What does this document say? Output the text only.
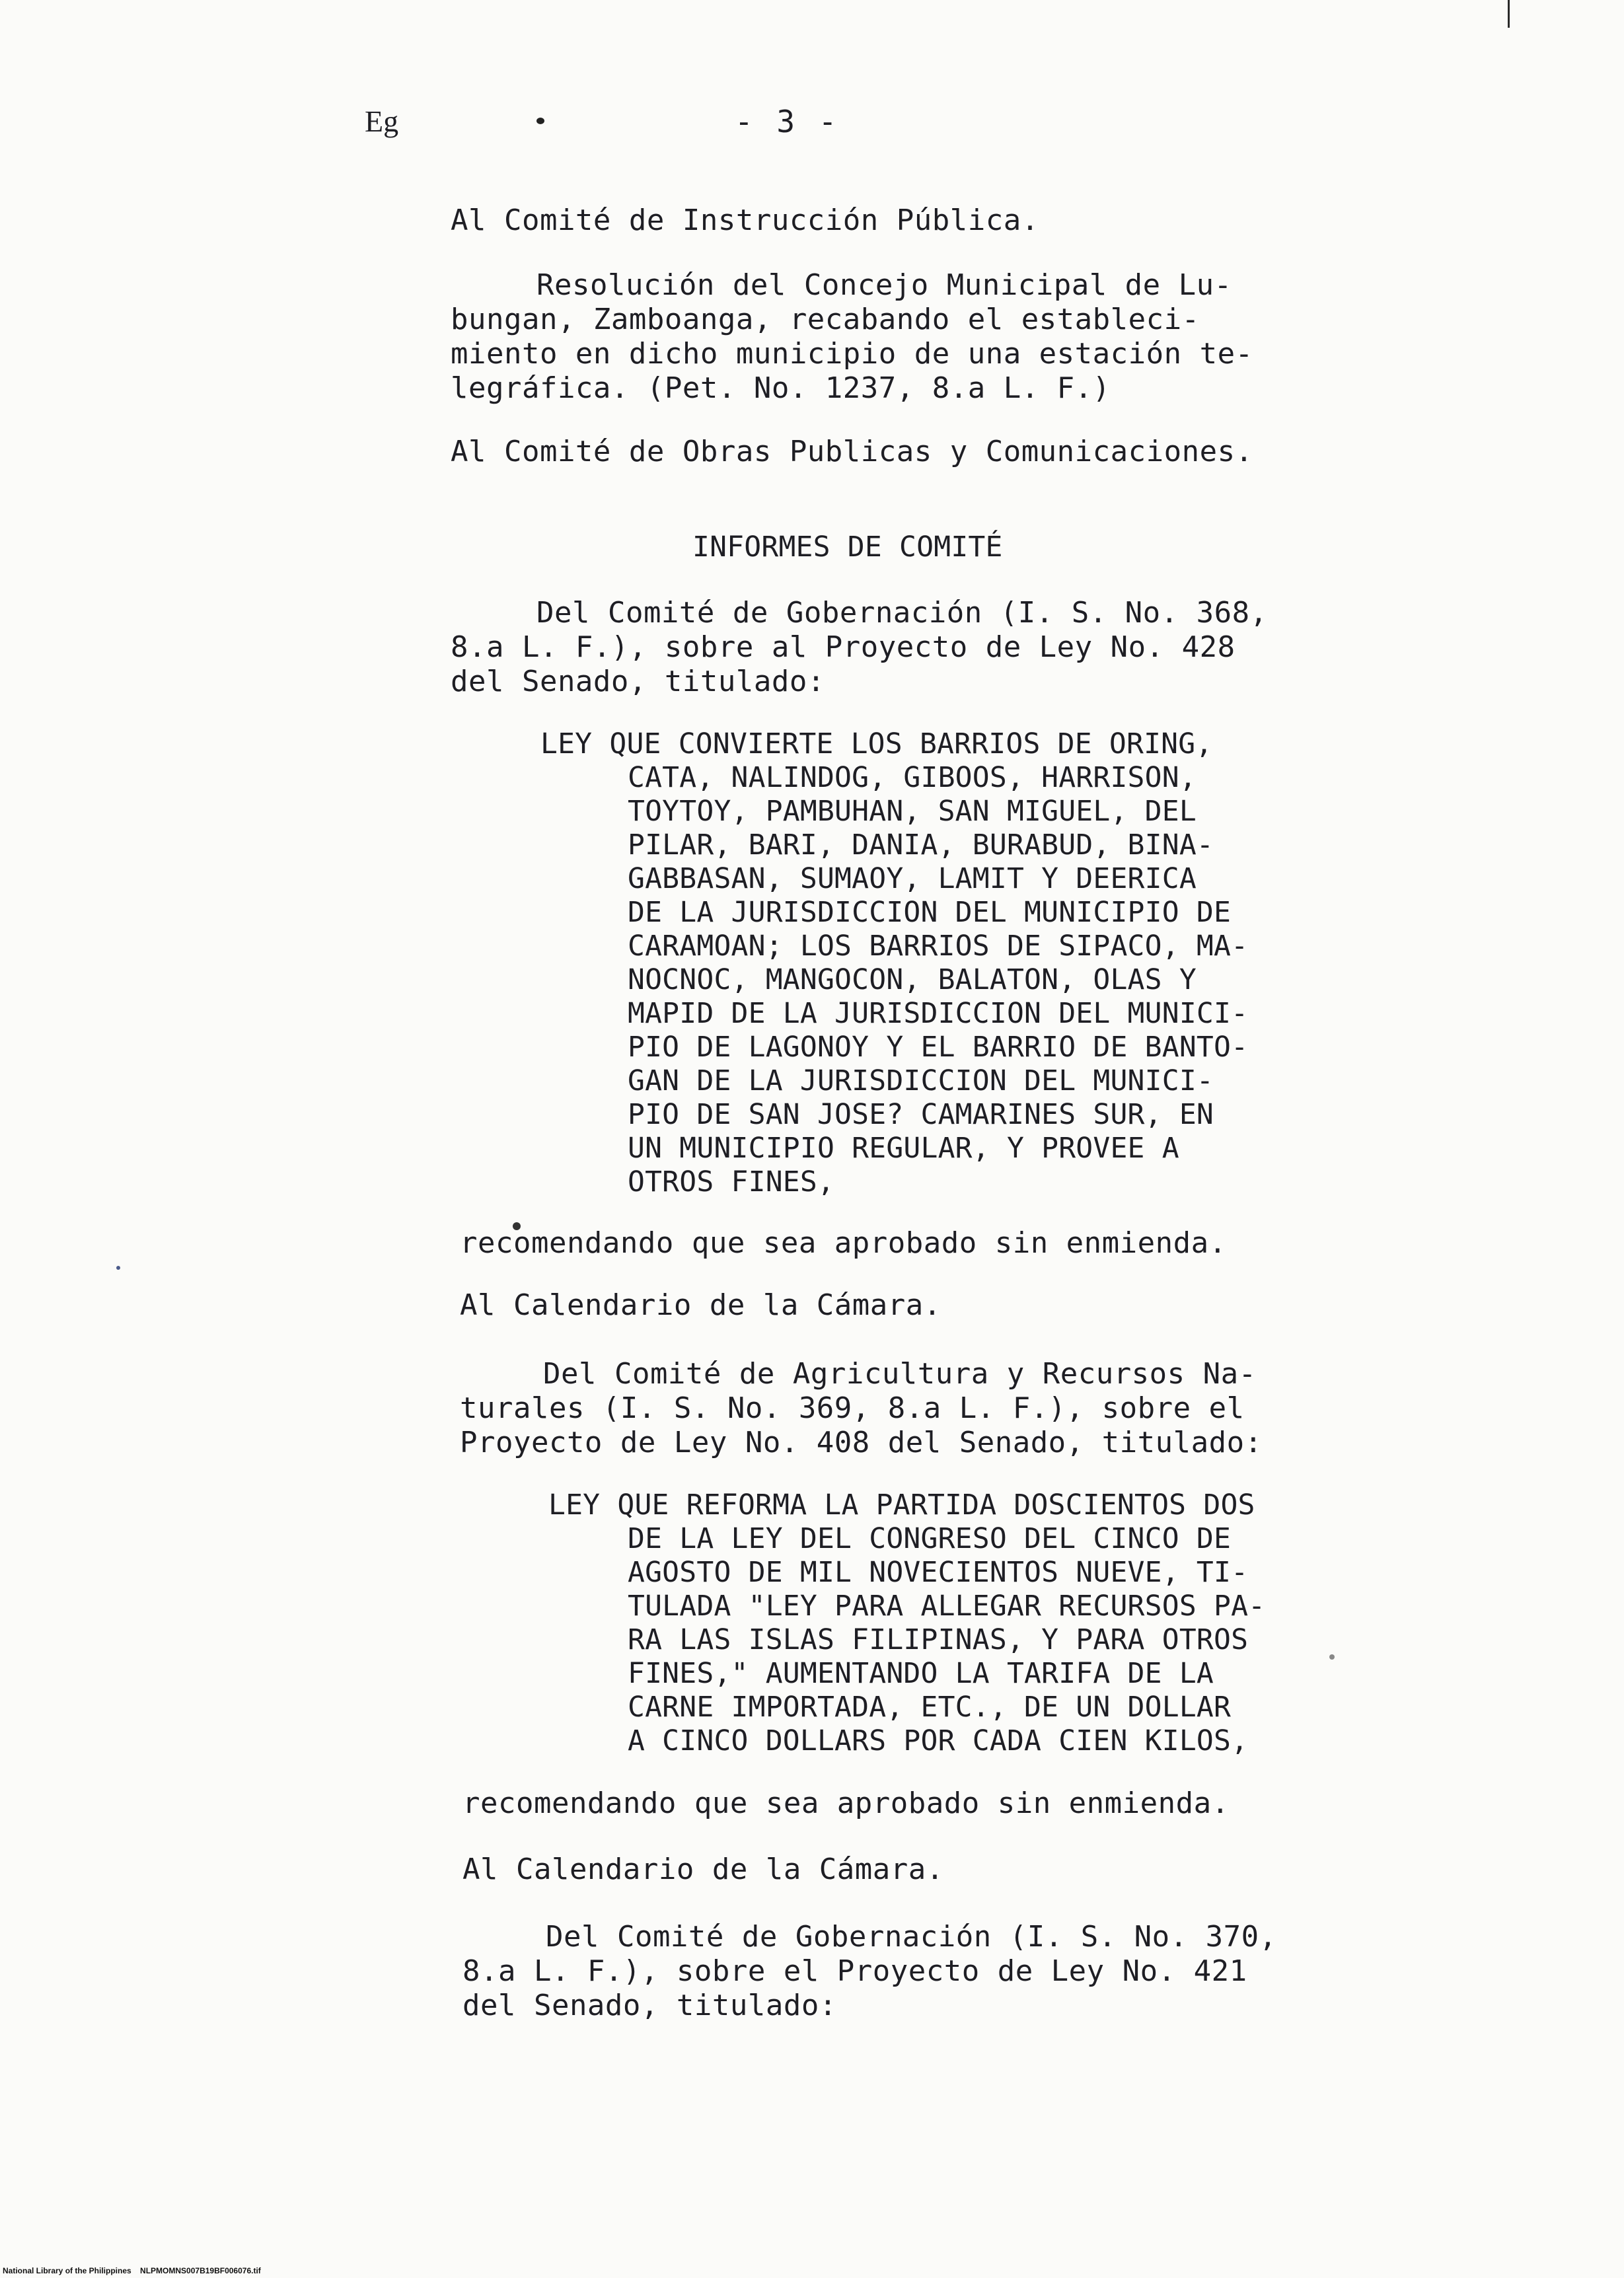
Eg	- 3 -
Al Comité de Instrucción Pública.
Resolución del Concejo Municipal de Lu-
bungan, Zamboanga, recabando el estableci-
miento en dicho municipio de una estación te-
legráfica. (Pet. No. 1237, 8.a L. F.)
Al Comité de Obras Publicas y Comunicaciones.
INFORMES DE COMITÉ
Del Comité de Gobernación (I. S. No. 368,
8.a L. F.), sobre al Proyecto de Ley No. 428
del Senado, titulado:
LEY QUE CONVIERTE LOS BARRIOS DE ORING,
CATA, NALINDOG, GIBOOS, HARRISON,
TOYTOY, PAMBUHAN, SAN MIGUEL, DEL
PILAR, BARI, DANIA, BURABUD, BINA-
GABBASAN, SUMAOY, LAMIT Y DEERICA
DE LA JURISDICCION DEL MUNICIPIO DE
CARAMOAN; LOS BARRIOS DE SIPACO, MA-
NOCNOC, MANGOCON, BALATON, OLAS Y
MAPID DE LA JURISDICCION DEL MUNICI-
PIO DE LAGONOY Y EL BARRIO DE BANTO-
GAN DE LA JURISDICCION DEL MUNICI-
PIO DE SAN JOSE? CAMARINES SUR, EN
UN MUNICIPIO REGULAR, Y PROVEE A
OTROS FINES,
recomendando que sea aprobado sin enmienda.
Al Calendario de la Cámara.
Del Comité de Agricultura y Recursos Na-
turales (I. S. No. 369, 8.a L. F.), sobre el
Proyecto de Ley No. 408 del Senado, titulado:
LEY QUE REFORMA LA PARTIDA DOSCIENTOS DOS
DE LA LEY DEL CONGRESO DEL CINCO DE
AGOSTO DE MIL NOVECIENTOS NUEVE, TI-
TULADA "LEY PARA ALLEGAR RECURSOS PA-
RA LAS ISLAS FILIPINAS, Y PARA OTROS
FINES," AUMENTANDO LA TARIFA DE LA
CARNE IMPORTADA, ETC., DE UN DOLLAR
A CINCO DOLLARS POR CADA CIEN KILOS,
recomendando que sea aprobado sin enmienda.
Al Calendario de la Cámara.
Del Comité de Gobernación (I. S. No. 370,
8.a L. F.), sobre el Proyecto de Ley No. 421
del Senado, titulado:
National Library of the Philippines NLPMOMNS007B19BF006076.tif
